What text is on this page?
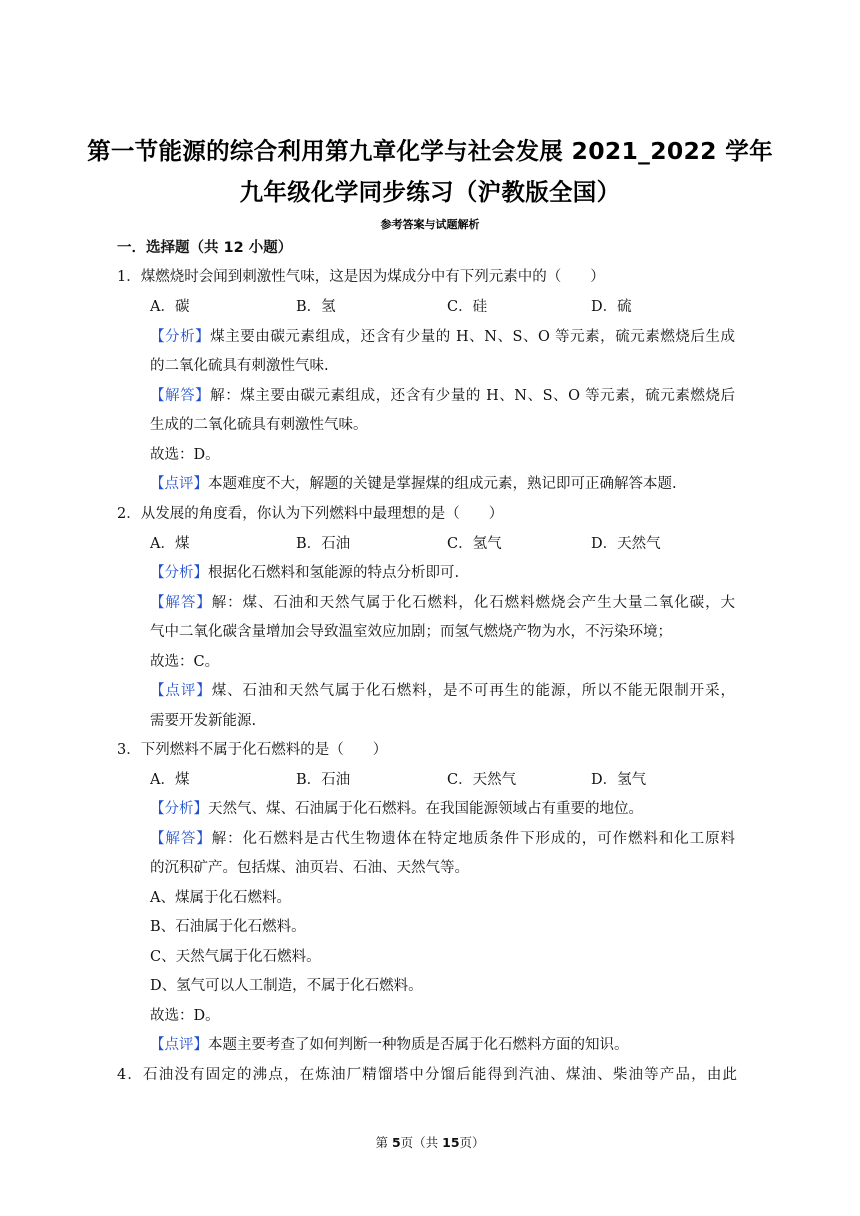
第一节能源的综合利用第九章化学与社会发展 2021_2022 学年
九年级化学同步练习（沪教版全国）
参考答案与试题解析
一．选择题（共 12 小题）
1．煤燃烧时会闻到刺激性气味，这是因为煤成分中有下列元素中的（　　）
A．碳	B．氢	C．硅	D．硫
【分析】煤主要由碳元素组成，还含有少量的 H、N、S、O 等元素，硫元素燃烧后生成
的二氧化硫具有刺激性气味.
【解答】解：煤主要由碳元素组成，还含有少量的 H、N、S、O 等元素，硫元素燃烧后
生成的二氧化硫具有刺激性气味。
故选：D。
【点评】本题难度不大，解题的关键是掌握煤的组成元素，熟记即可正确解答本题.
2．从发展的角度看，你认为下列燃料中最理想的是（　　）
A．煤	B．石油	C．氢气	D．天然气
【分析】根据化石燃料和氢能源的特点分析即可.
【解答】解：煤、石油和天然气属于化石燃料，化石燃料燃烧会产生大量二氧化碳，大
气中二氧化碳含量增加会导致温室效应加剧；而氢气燃烧产物为水，不污染环境；
故选：C。
【点评】煤、石油和天然气属于化石燃料，是不可再生的能源，所以不能无限制开采，
需要开发新能源.
3．下列燃料不属于化石燃料的是（　　）
A．煤	B．石油	C．天然气	D．氢气
【分析】天然气、煤、石油属于化石燃料。在我国能源领域占有重要的地位。
【解答】解：化石燃料是古代生物遗体在特定地质条件下形成的，可作燃料和化工原料
的沉积矿产。包括煤、油页岩、石油、天然气等。
A、煤属于化石燃料。
B、石油属于化石燃料。
C、天然气属于化石燃料。
D、氢气可以人工制造，不属于化石燃料。
故选：D。
【点评】本题主要考查了如何判断一种物质是否属于化石燃料方面的知识。
4．石油没有固定的沸点，在炼油厂精馏塔中分馏后能得到汽油、煤油、柴油等产品，由此
第 5页（共 15页）
